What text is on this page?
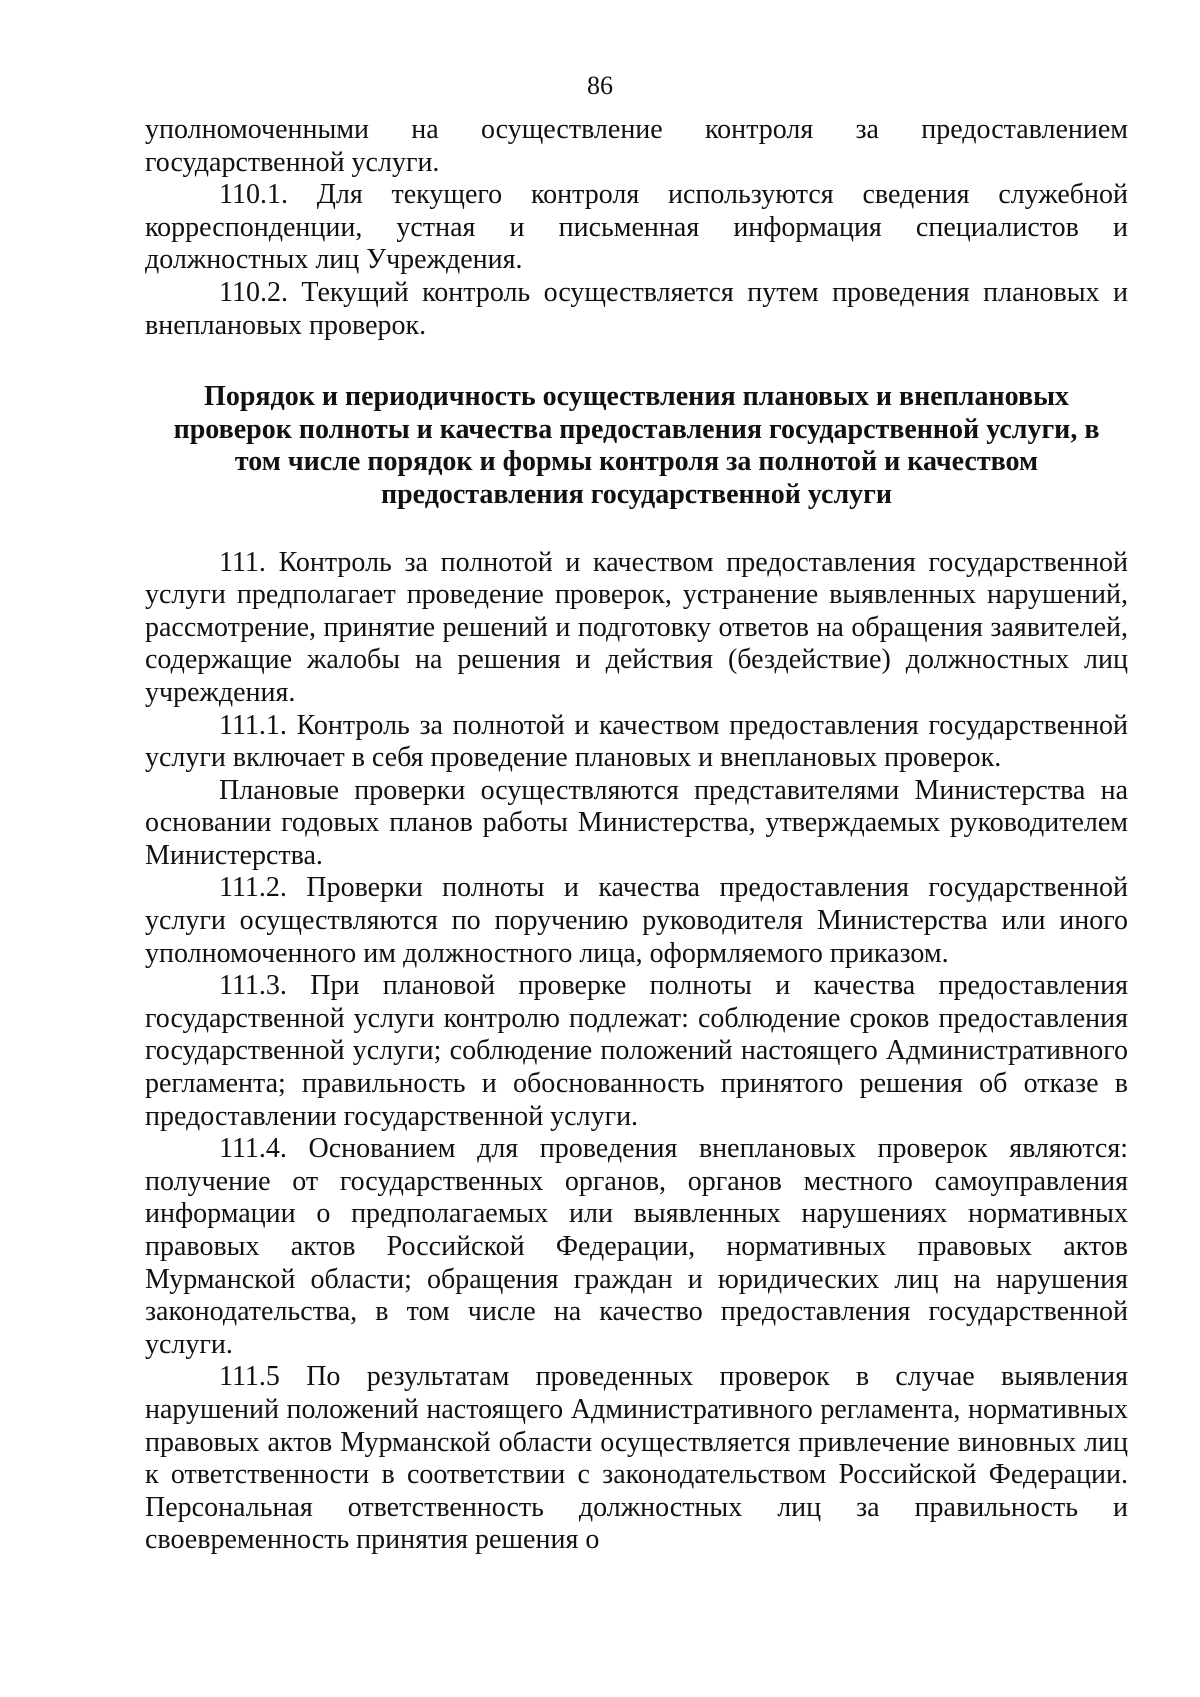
86

уполномоченными на осуществление контроля за предоставлением государственной услуги.

110.1. Для текущего контроля используются сведения служебной корреспонденции, устная и письменная информация специалистов и должностных лиц Учреждения.

110.2. Текущий контроль осуществляется путем проведения плановых и внеплановых проверок.

Порядок и периодичность осуществления плановых и внеплановых
проверок полноты и качества предоставления государственной услуги, в
том числе порядок и формы контроля за полнотой и качеством
предоставления государственной услуги

111. Контроль за полнотой и качеством предоставления государственной услуги предполагает проведение проверок, устранение выявленных нарушений, рассмотрение, принятие решений и подготовку ответов на обращения заявителей, содержащие жалобы на решения и действия (бездействие) должностных лиц учреждения.

111.1. Контроль за полнотой и качеством предоставления государственной услуги включает в себя проведение плановых и внеплановых проверок.

Плановые проверки осуществляются представителями Министерства на основании годовых планов работы Министерства, утверждаемых руководителем Министерства.

111.2. Проверки полноты и качества предоставления государственной услуги осуществляются по поручению руководителя Министерства или иного уполномоченного им должностного лица, оформляемого приказом.

111.3. При плановой проверке полноты и качества предоставления государственной услуги контролю подлежат: соблюдение сроков предоставления государственной услуги; соблюдение положений настоящего Административного регламента; правильность и обоснованность принятого решения об отказе в предоставлении государственной услуги.

111.4. Основанием для проведения внеплановых проверок являются: получение от государственных органов, органов местного самоуправления информации о предполагаемых или выявленных нарушениях нормативных правовых актов Российской Федерации, нормативных правовых актов Мурманской области; обращения граждан и юридических лиц на нарушения законодательства, в том числе на качество предоставления государственной услуги.

111.5 По результатам проведенных проверок в случае выявления нарушений положений настоящего Административного регламента, нормативных правовых актов Мурманской области осуществляется привлечение виновных лиц к ответственности в соответствии с законодательством Российской Федерации. Персональная ответственность должностных лиц за правильность и своевременность принятия решения о
